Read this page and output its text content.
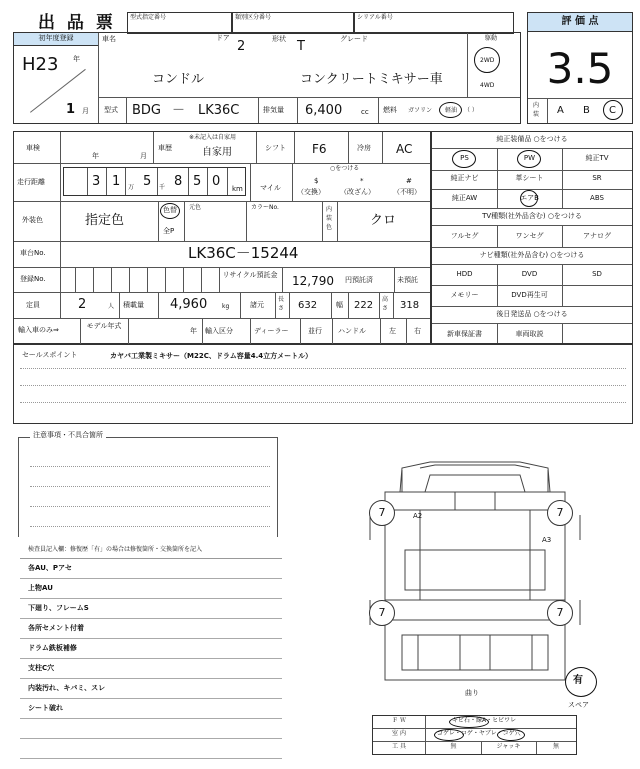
出 品 票 型式指定番号	類別区分番号	シリアル番号	評 価 点
3.5
内装	A B C
初年度登録
H23 年
1 月
車名	ドア
2	形状 T	グレード
コンドル	コンクリートミキサー車
駆動
2WD
4WD
型式 BDG － LK36C	排気量 6,400	cc 燃料 ガソリン 軽油 （ ）
車検
年	月
車歴
※未記入は自家用
自家用	シフト F6	冷房 AC
走行距離	3 1 万 5 千 8 5 0 km マイル
○をつける
$
（交換）
*
（改ざん）
#
（不明）
外装色	指定色
色替
全P
元色	カラーNo.	内装色	クロ
車台No.	LK36C－15244
登録No.	リサイクル預託金 12,790 円預託済	未預託
定員	2	人 積載量 4,960 kg	諸元
長さ 632	幅 222
高さ 318
輸入車のみ⇒	モデル年式
年 輸入区分	ディーラー	並行 ハンドル	左	右
純正装備品 ○をつける
PS	PW	純正TV
純正ナビ	革シート	SR
純正AW	エアB	ABS
TV種類(社外品含む) ○をつける
フルセグ	ワンセグ	アナログ
ナビ種類(社外品含む) ○をつける
HDD	DVD	SD
メモリー	DVD再生可
後日発送品 ○をつける
新車保証書	車両取説
セールスポイント	カヤバ工業製ミキサー（M22C、ドラム容量4.4立方メートル）
注意事項・不具合箇所
検査員記入欄：修復歴「有」の場合は修復箇所・交換箇所を記入
各AU、Pアセ
上物AU
下廻り、フレームS
各所セメント付着
ドラム鉄板補修
支柱C穴
内装汚れ、キバミ、スレ
シート破れ
7	7
7	7
A2
A3
曲り
有
スペア
Ｆ Ｗ	キビ石・線A・ヒビワレ
室 内	ゴゲレ・コゲ・ヤブレ・コゲ穴
工 具	無	ジャッキ	無
